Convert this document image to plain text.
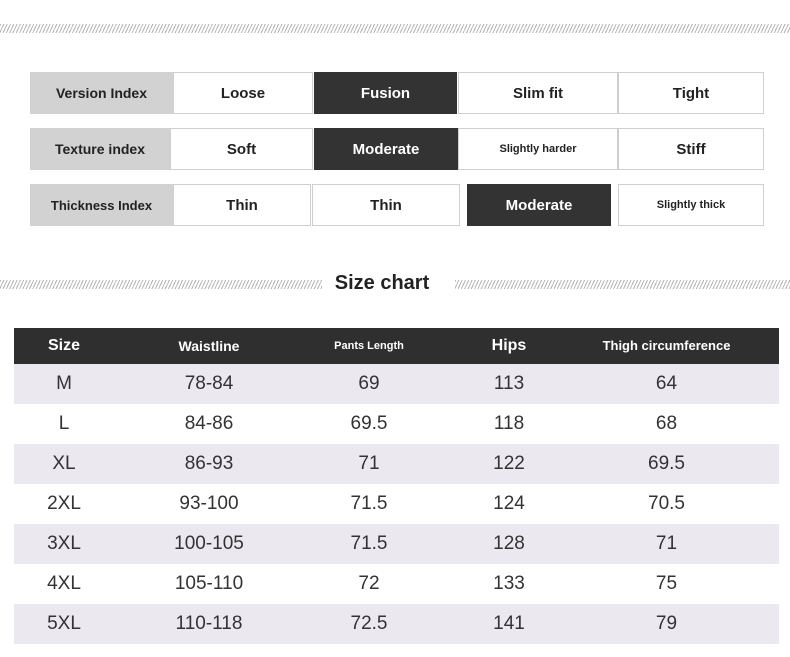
Version Index	Loose	Fusion	Slim fit	Tight
Texture index	Soft	Moderate	Slightly harder	Stiff
Thickness Index	Thin	Thin	Moderate	Slightly thick
Size chart
Size	Waistline	Pants Length	Hips	Thigh circumference
M	78-84	69	113	64
L	84-86	69.5	118	68
XL	86-93	71	122	69.5
2XL	93-100	71.5	124	70.5
3XL	100-105	71.5	128	71
4XL	105-110	72	133	75
5XL	110-118	72.5	141	79
